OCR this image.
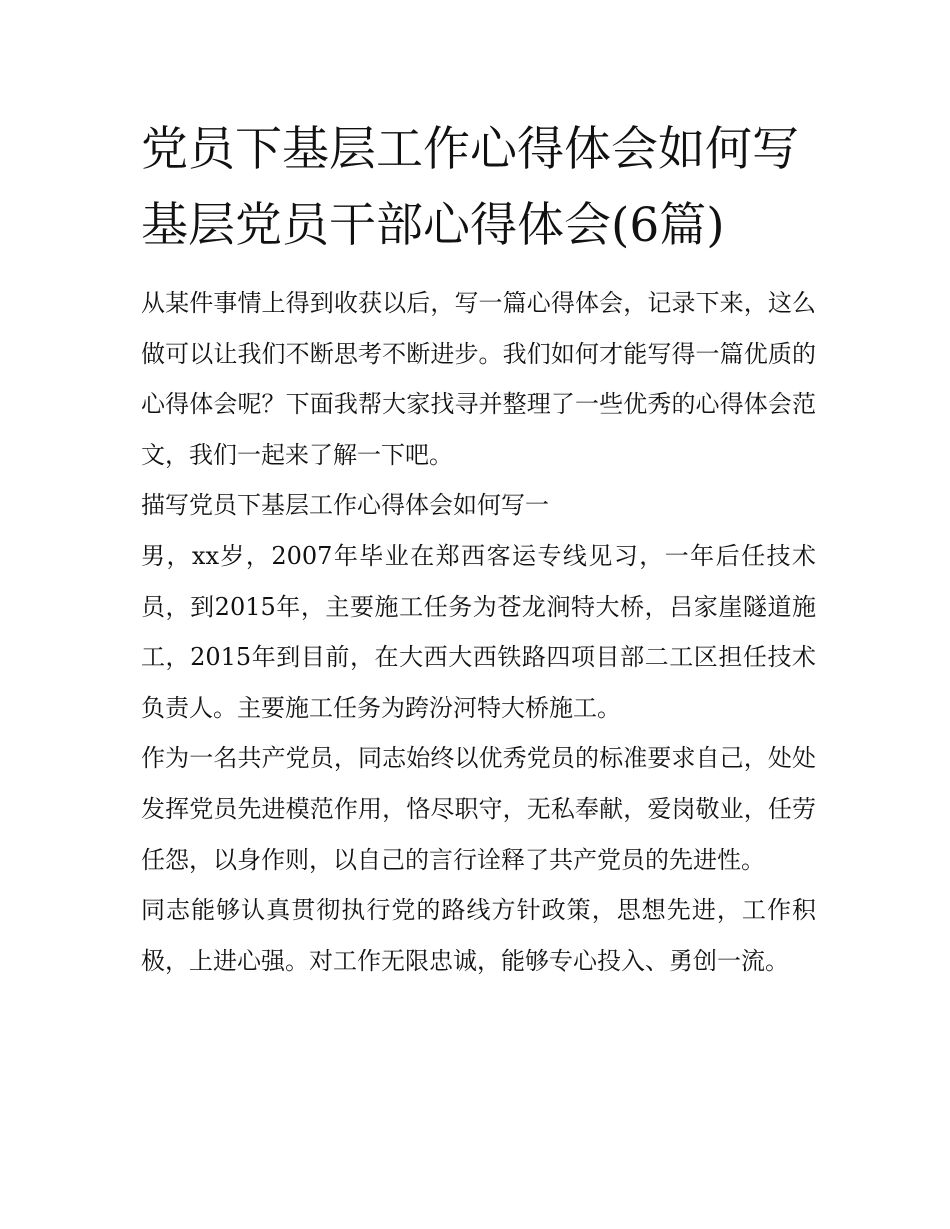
党员下基层工作心得体会如何写 基层党员干部心得体会(6篇)

从某件事情上得到收获以后，写一篇心得体会，记录下来，这么做可以让我们不断思考不断进步。我们如何才能写得一篇优质的心得体会呢？下面我帮大家找寻并整理了一些优秀的心得体会范文，我们一起来了解一下吧。

描写党员下基层工作心得体会如何写一

男，xx岁，2007年毕业在郑西客运专线见习，一年后任技术员，到2015年，主要施工任务为苍龙涧特大桥，吕家崖隧道施工，2015年到目前，在大西大西铁路四项目部二工区担任技术负责人。主要施工任务为跨汾河特大桥施工。

作为一名共产党员，同志始终以优秀党员的标准要求自己，处处发挥党员先进模范作用，恪尽职守，无私奉献，爱岗敬业，任劳任怨，以身作则，以自己的言行诠释了共产党员的先进性。

同志能够认真贯彻执行党的路线方针政策，思想先进，工作积极，上进心强。对工作无限忠诚，能够专心投入、勇创一流。
